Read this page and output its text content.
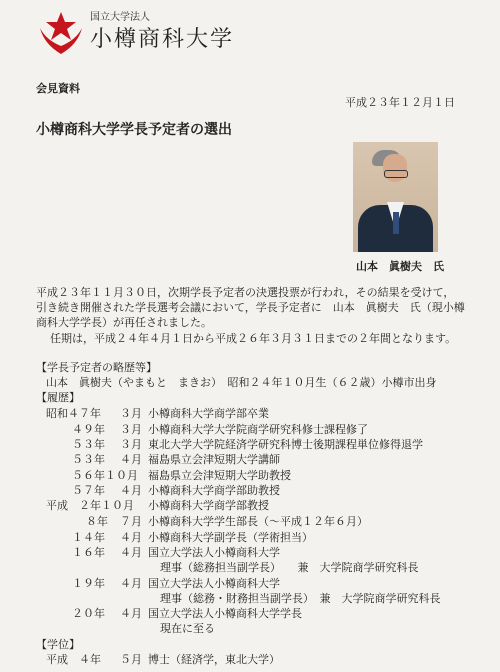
国立大学法人
小樽商科大学
会見資料
平成２３年１２月１日
小樽商科大学学長予定者の選出
山本　眞樹夫　氏
平成２３年１１月３０日，次期学長予定者の決選投票が行われ，その結果を受けて，
引き続き開催された学長選考会議において，学長予定者に　山本　眞樹夫　氏（現小樽
商科大学学長）が再任されました。
任期は，平成２４年４月１日から平成２６年３月３１日までの２年間となります。
【学長予定者の略歴等】
山本　眞樹夫（やまもと　まきお）　昭和２４年１０月生（６２歳）小樽市出身
【履歴】
昭和４７年	３月 小樽商科大学商学部卒業
４９年 ３月 小樽商科大学大学院商学研究科修士課程修了
５３年 ３月 東北大学大学院経済学研究科博士後期課程単位修得退学
５３年 ４月 福島県立会津短期大学講師
５６年１０月 福島県立会津短期大学助教授
５７年 ４月 小樽商科大学商学部助教授
平成　２年１０月 小樽商科大学商学部教授
８年 ７月 小樽商科大学学生部長（〜平成１２年６月）
１４年 ４月 小樽商科大学副学長（学術担当）
１６年 ４月 国立大学法人小樽商科大学
理事（総務担当副学長）　　兼　大学院商学研究科長
１９年 ４月 国立大学法人小樽商科大学
理事（総務・財務担当副学長）　兼　大学院商学研究科長
２０年 ４月 国立大学法人小樽商科大学学長
現在に至る
【学位】
平成　４年 ５月 博士（経済学，東北大学）
